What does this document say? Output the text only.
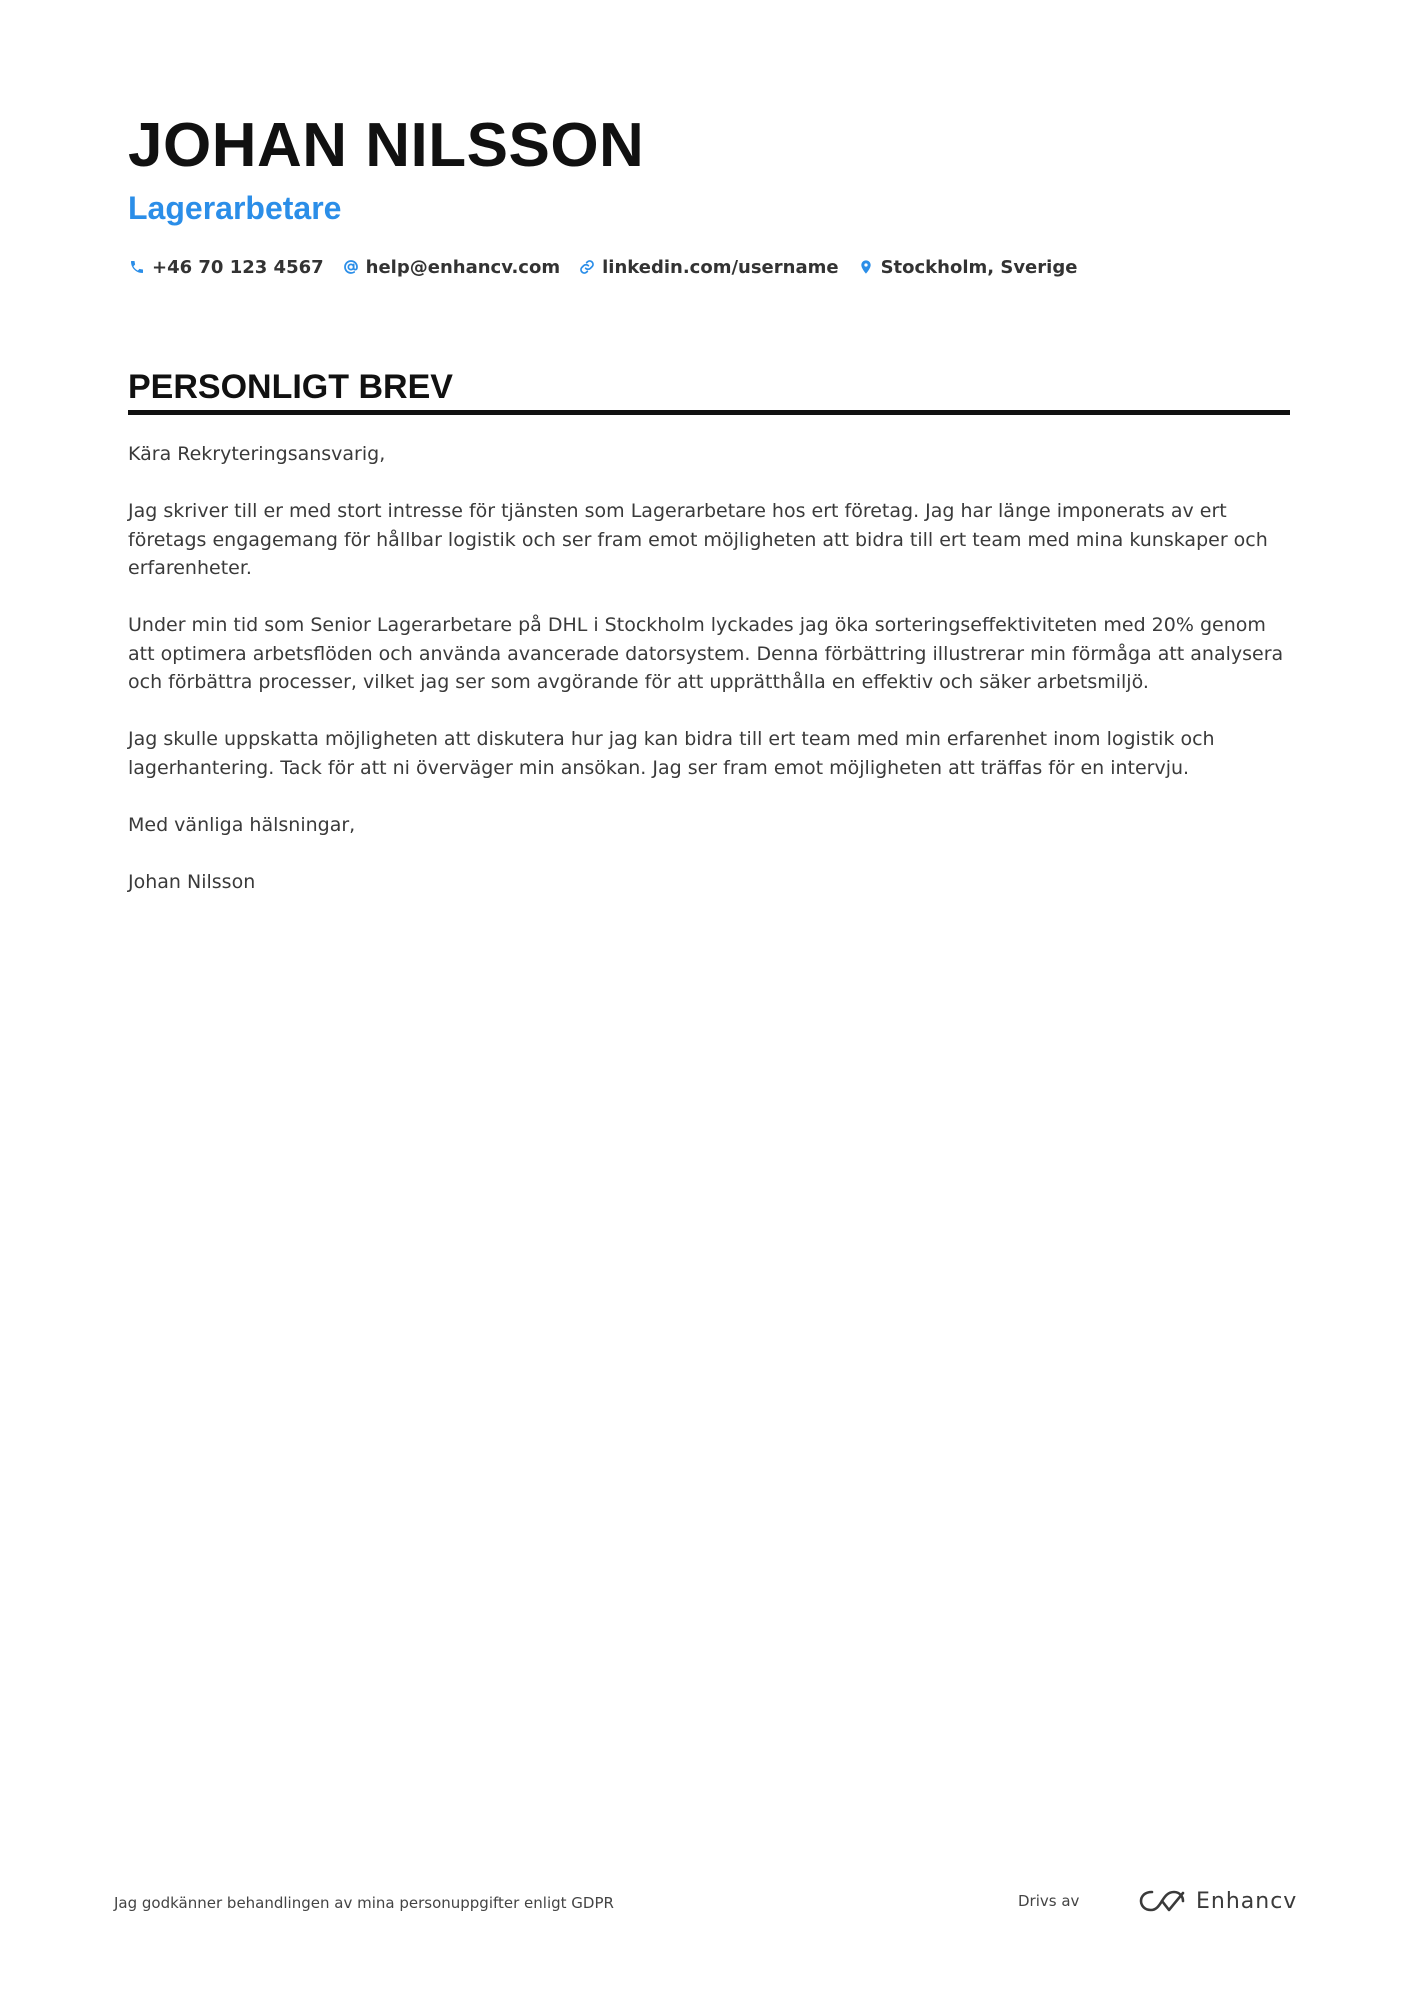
JOHAN NILSSON
Lagerarbetare
+46 70 123 4567 help@enhancv.com linkedin.com/username Stockholm, Sverige
PERSONLIGT BREV

Kära Rekryteringsansvarig,

Jag skriver till er med stort intresse för tjänsten som Lagerarbetare hos ert företag. Jag har länge imponerats av ert företags engagemang för hållbar logistik och ser fram emot möjligheten att bidra till ert team med mina kunskaper och erfarenheter.

Under min tid som Senior Lagerarbetare på DHL i Stockholm lyckades jag öka sorteringseffektiviteten med 20% genom att optimera arbetsflöden och använda avancerade datorsystem. Denna förbättring illustrerar min förmåga att analysera och förbättra processer, vilket jag ser som avgörande för att upprätthålla en effektiv och säker arbetsmiljö.

Jag skulle uppskatta möjligheten att diskutera hur jag kan bidra till ert team med min erfarenhet inom logistik och lagerhantering. Tack för att ni överväger min ansökan. Jag ser fram emot möjligheten att träffas för en intervju.

Med vänliga hälsningar,

Johan Nilsson

Jag godkänner behandlingen av mina personuppgifter enligt GDPR	Drivs av	Enhancv
